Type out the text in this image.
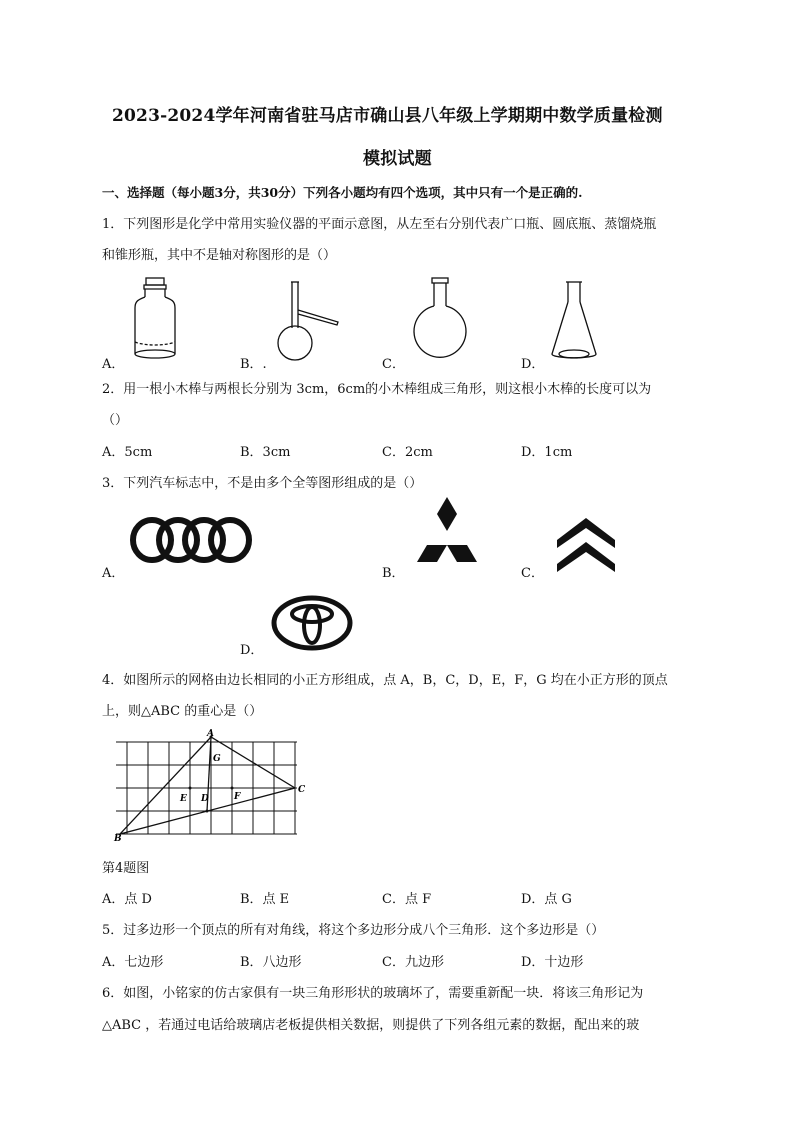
2023-2024学年河南省驻马店市确山县八年级上学期期中数学质量检测
模拟试题
一、选择题（每小题3分，共30分）下列各小题均有四个选项，其中只有一个是正确的.
1．下列图形是化学中常用实验仪器的平面示意图，从左至右分别代表广口瓶、圆底瓶、蒸馏烧瓶
和锥形瓶，其中不是轴对称图形的是（）
A．	B．.	C．	D．
2．用一根小木棒与两根长分别为 3cm，6cm的小木棒组成三角形，则这根小木棒的长度可以为
（）
A．5cm	B．3cm	C．2cm	D．1cm
3．下列汽车标志中，不是由多个全等图形组成的是（）
A．	B．	C．
D．
4．如图所示的网格由边长相同的小正方形组成，点 A，B，C，D，E，F，G 均在小正方形的顶点
上，则△ABC 的重心是（）
A
B
C
D
E	F
G
第4题图
A．点 D	B．点 E	C．点 F	D．点 G
5．过多边形一个顶点的所有对角线，将这个多边形分成八个三角形．这个多边形是（）
A．七边形	B．八边形	C．九边形	D．十边形
6．如图，小铭家的仿古家俱有一块三角形形状的玻璃坏了，需要重新配一块．将该三角形记为
△ABC ，若通过电话给玻璃店老板提供相关数据，则提供了下列各组元素的数据，配出来的玻
